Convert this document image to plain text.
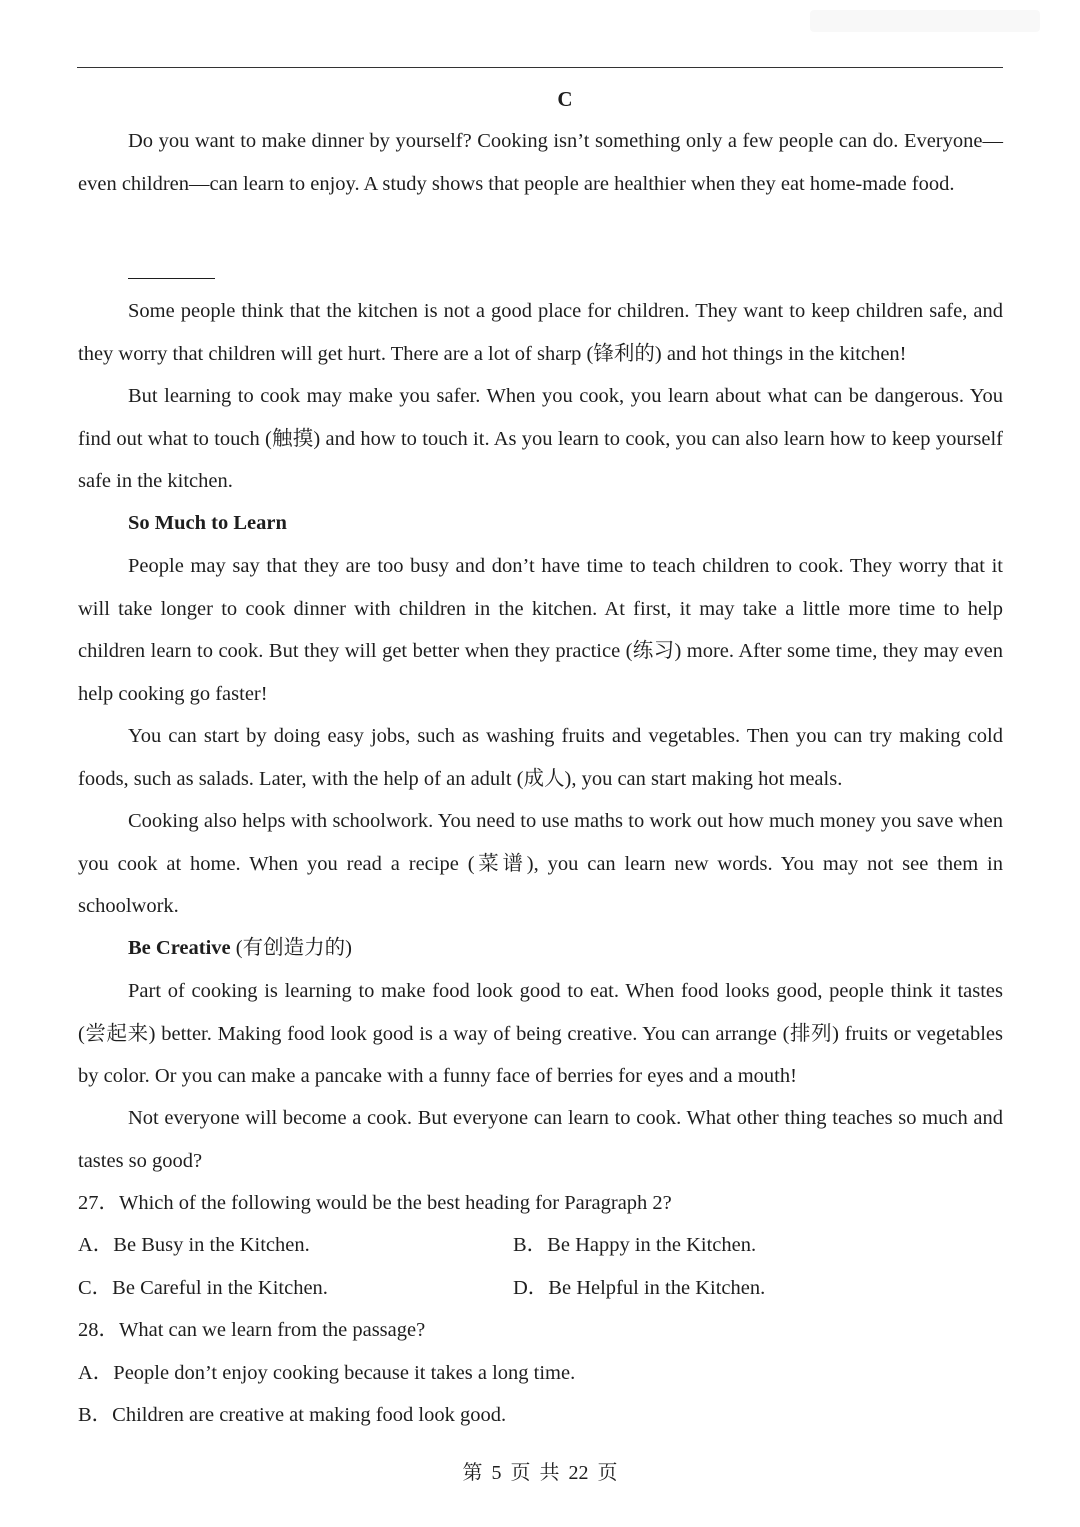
C

Do you want to make dinner by yourself? Cooking isn’t something only a few people can do. Everyone—even children—can learn to enjoy. A study shows that people are healthier when they eat home-made food.

Some people think that the kitchen is not a good place for children. They want to keep children safe, and they worry that children will get hurt. There are a lot of sharp (锋利的) and hot things in the kitchen!

But learning to cook may make you safer. When you cook, you learn about what can be dangerous. You find out what to touch (触摸) and how to touch it. As you learn to cook, you can also learn how to keep yourself safe in the kitchen.

So Much to Learn

People may say that they are too busy and don’t have time to teach children to cook. They worry that it will take longer to cook dinner with children in the kitchen. At first, it may take a little more time to help children learn to cook. But they will get better when they practice (练习) more. After some time, they may even help cooking go faster!

You can start by doing easy jobs, such as washing fruits and vegetables. Then you can try making cold foods, such as salads. Later, with the help of an adult (成人), you can start making hot meals.

Cooking also helps with schoolwork. You need to use maths to work out how much money you save when you cook at home. When you read a recipe (菜谱), you can learn new words. You may not see them in schoolwork.

Be Creative (有创造力的)

Part of cooking is learning to make food look good to eat. When food looks good, people think it tastes (尝起来) better. Making food look good is a way of being creative. You can arrange (排列) fruits or vegetables by color. Or you can make a pancake with a funny face of berries for eyes and a mouth!

Not everyone will become a cook. But everyone can learn to cook. What other thing teaches so much and tastes so good?

27．Which of the following would be the best heading for Paragraph 2?

A．Be Busy in the Kitchen.	B．Be Happy in the Kitchen.

C．Be Careful in the Kitchen.	D．Be Helpful in the Kitchen.

28．What can we learn from the passage?

A．People don’t enjoy cooking because it takes a long time.

B．Children are creative at making food look good.

第 5 页 共 22 页
